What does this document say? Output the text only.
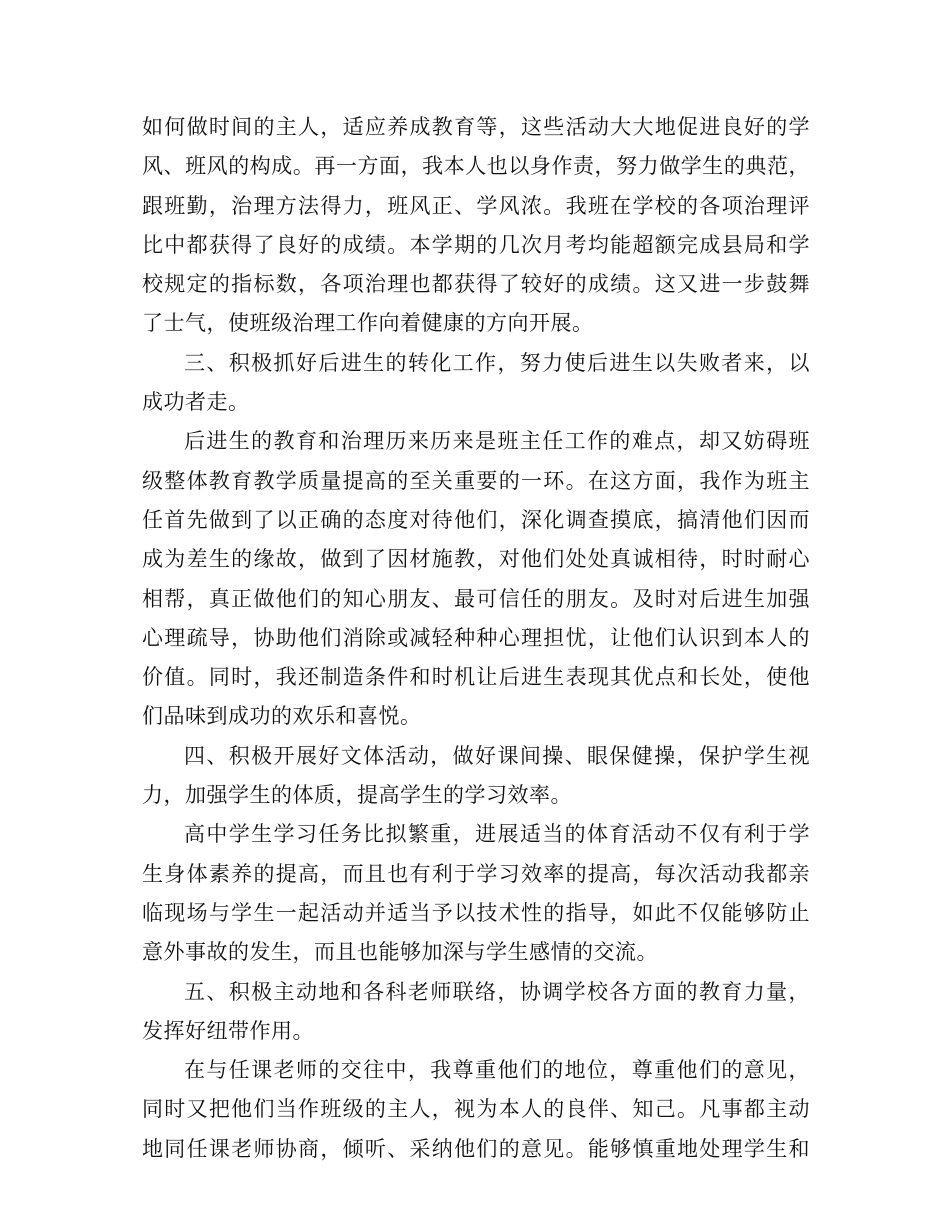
如何做时间的主人，适应养成教育等，这些活动大大地促进良好的学
风、班风的构成。再一方面，我本人也以身作责，努力做学生的典范，
跟班勤，治理方法得力，班风正、学风浓。我班在学校的各项治理评
比中都获得了良好的成绩。本学期的几次月考均能超额完成县局和学
校规定的指标数，各项治理也都获得了较好的成绩。这又进一步鼓舞
了士气，使班级治理工作向着健康的方向开展。
三、积极抓好后进生的转化工作，努力使后进生以失败者来，以
成功者走。
后进生的教育和治理历来历来是班主任工作的难点，却又妨碍班
级整体教育教学质量提高的至关重要的一环。在这方面，我作为班主
任首先做到了以正确的态度对待他们，深化调查摸底，搞清他们因而
成为差生的缘故，做到了因材施教，对他们处处真诚相待，时时耐心
相帮，真正做他们的知心朋友、最可信任的朋友。及时对后进生加强
心理疏导，协助他们消除或减轻种种心理担忧，让他们认识到本人的
价值。同时，我还制造条件和时机让后进生表现其优点和长处，使他
们品味到成功的欢乐和喜悦。
四、积极开展好文体活动，做好课间操、眼保健操，保护学生视
力，加强学生的体质，提高学生的学习效率。
高中学生学习任务比拟繁重，进展适当的体育活动不仅有利于学
生身体素养的提高，而且也有利于学习效率的提高，每次活动我都亲
临现场与学生一起活动并适当予以技术性的指导，如此不仅能够防止
意外事故的发生，而且也能够加深与学生感情的交流。
五、积极主动地和各科老师联络，协调学校各方面的教育力量，
发挥好纽带作用。
在与任课老师的交往中，我尊重他们的地位，尊重他们的意见，
同时又把他们当作班级的主人，视为本人的良伴、知己。凡事都主动
地同任课老师协商，倾听、采纳他们的意见。能够慎重地处理学生和
